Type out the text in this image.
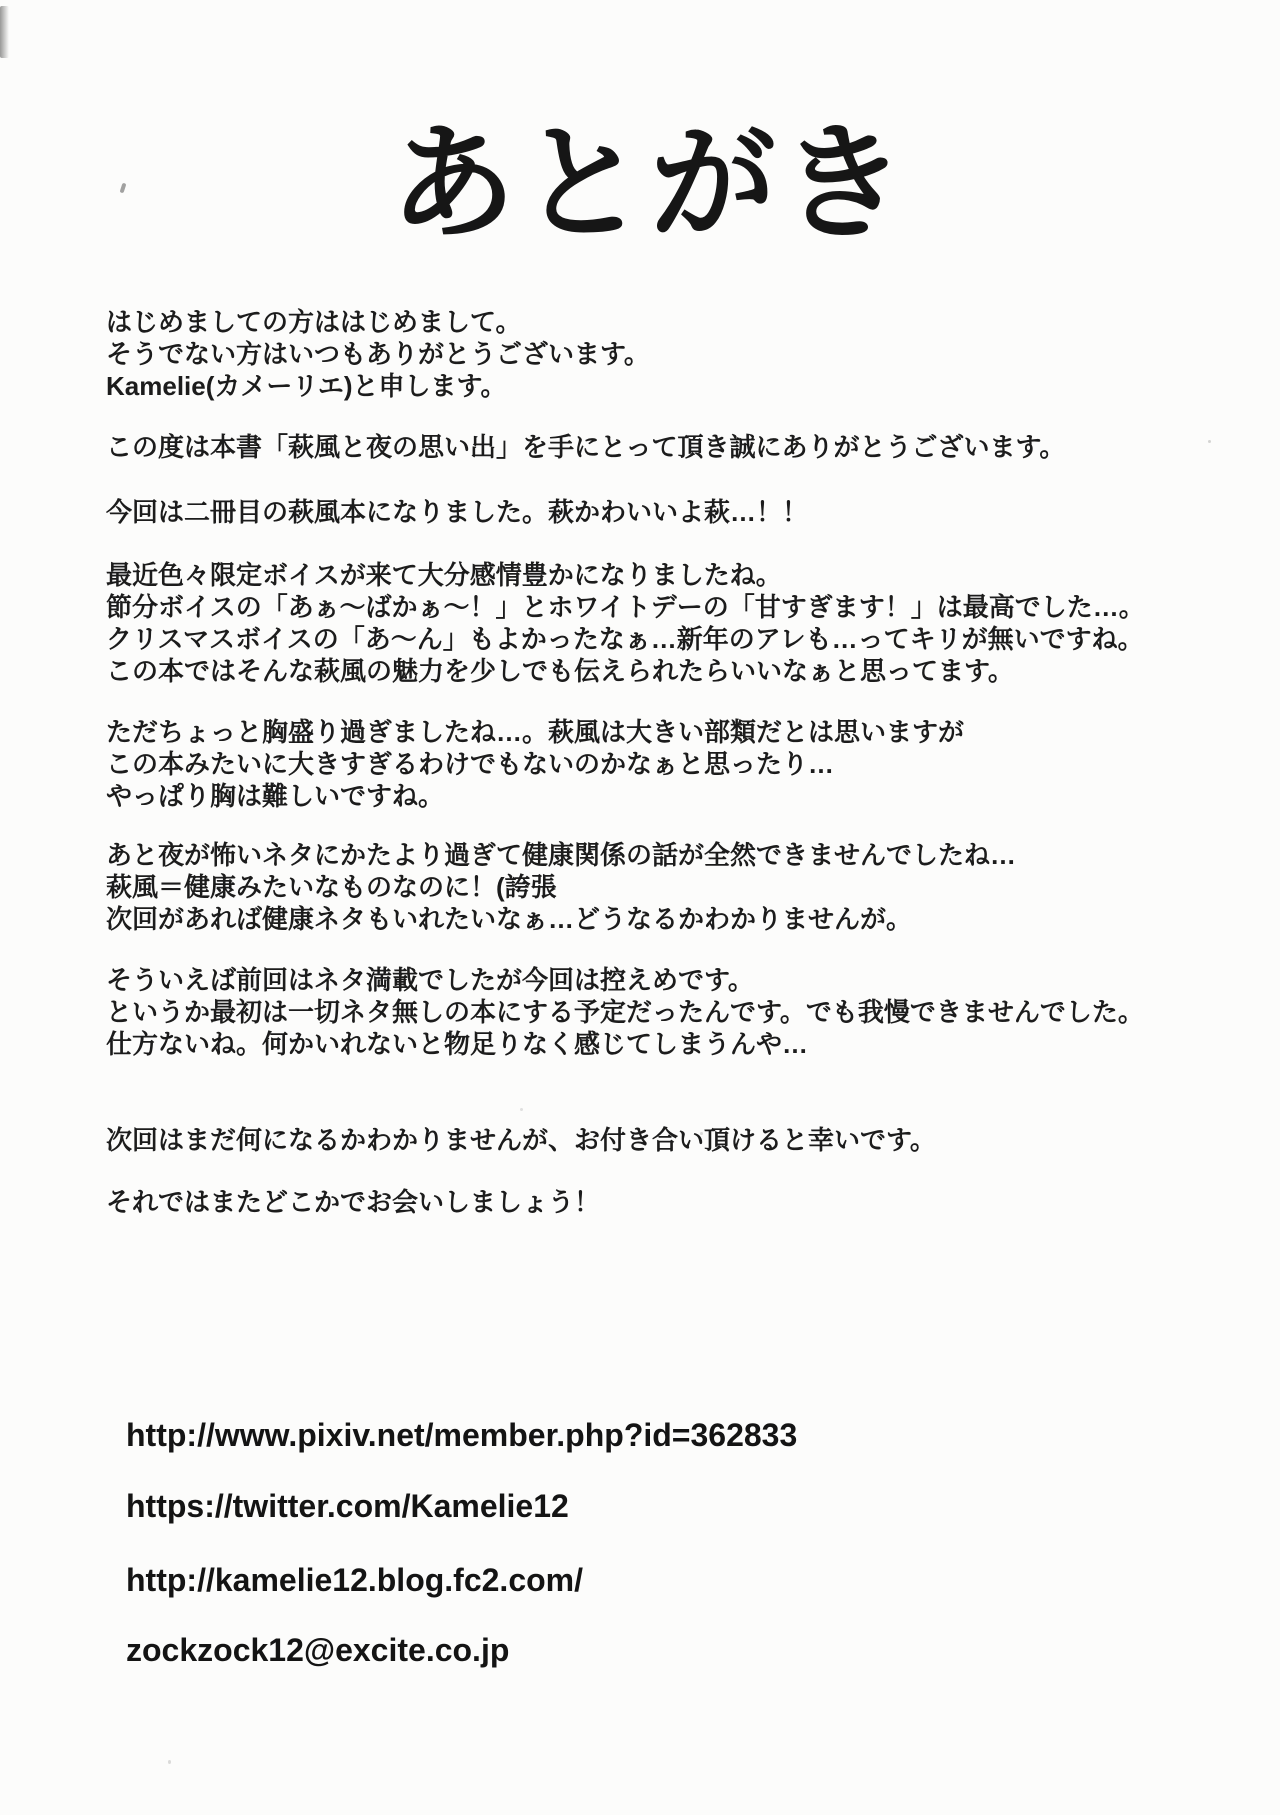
あとがき
はじめましての方ははじめまして。
そうでない方はいつもありがとうございます。
Kamelie(カメーリエ)と申します。
この度は本書「萩風と夜の思い出」を手にとって頂き誠にありがとうございます。
今回は二冊目の萩風本になりました。萩かわいいよ萩…！！
最近色々限定ボイスが来て大分感情豊かになりましたね。
節分ボイスの「あぁ〜ばかぁ〜！」とホワイトデーの「甘すぎます！」は最高でした…。
クリスマスボイスの「あ〜ん」もよかったなぁ…新年のアレも…ってキリが無いですね。
この本ではそんな萩風の魅力を少しでも伝えられたらいいなぁと思ってます。
ただちょっと胸盛り過ぎましたね…。萩風は大きい部類だとは思いますが
この本みたいに大きすぎるわけでもないのかなぁと思ったり…
やっぱり胸は難しいですね。
あと夜が怖いネタにかたより過ぎて健康関係の話が全然できませんでしたね…
萩風＝健康みたいなものなのに！(誇張
次回があれば健康ネタもいれたいなぁ…どうなるかわかりませんが。
そういえば前回はネタ満載でしたが今回は控えめです。
というか最初は一切ネタ無しの本にする予定だったんです。でも我慢できませんでした。
仕方ないね。何かいれないと物足りなく感じてしまうんや…
次回はまだ何になるかわかりませんが、お付き合い頂けると幸いです。
それではまたどこかでお会いしましょう！
http://www.pixiv.net/member.php?id=362833
https://twitter.com/Kamelie12
http://kamelie12.blog.fc2.com/
zockzock12@excite.co.jp
